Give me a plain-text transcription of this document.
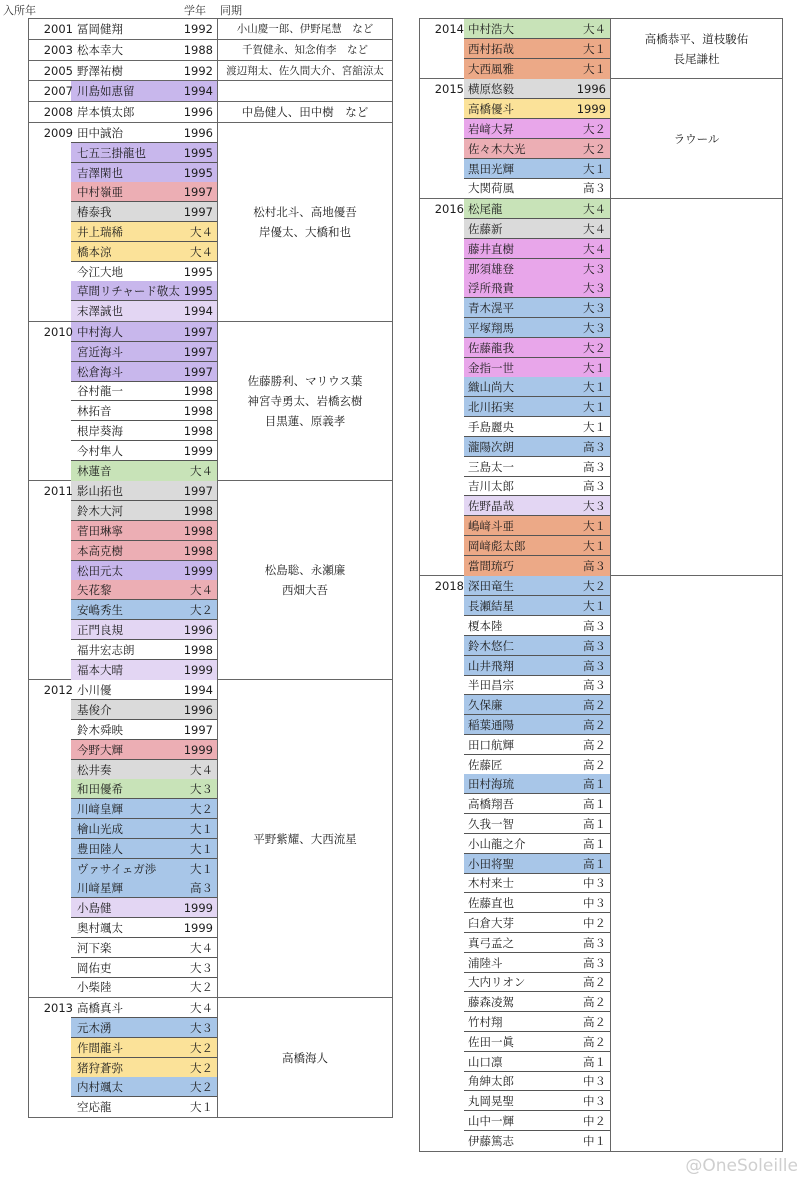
入所年	学年 同期
2001 冨岡健翔	1992 小山慶一郎、伊野尾慧　など
2003 松本幸大	1988	千賀健永、知念侑李　など
2005 野澤祐樹	1992 渡辺翔太、佐久間大介、宮舘涼太
2007 川島如恵留	1994
2008 岸本慎太郎	1996	中島健人、田中樹　など
2009 田中誠治	1996
七五三掛龍也	1995
吉澤閑也	1995
中村嶺亜	1997
椿泰我	1997
井上瑞稀	大４
橋本涼	大４
今江大地	1995
草間リチャード敬太 1995
末澤誠也	1994
松村北斗、高地優吾
岸優太、大橋和也
2010 中村海人	1997
宮近海斗	1997
松倉海斗	1997
谷村龍一	1998
林拓音	1998
根岸葵海	1998
今村隼人	1999
林蓮音	大４
佐藤勝利、マリウス葉
神宮寺勇太、岩橋玄樹
目黒蓮、原義孝
2011 影山拓也	1997
鈴木大河	1998
菅田琳寧	1998
本高克樹	1998
松田元太	1999
矢花黎	大４
安嶋秀生	大２
正門良規	1996
福井宏志朗	1998
福本大晴	1999
松島聡、永瀬廉
西畑大吾
2012 小川優	1994
基俊介	1996
鈴木舜映	1997
今野大輝	1999
松井奏	大４
和田優希	大３
川﨑皇輝	大２
檜山光成	大１
豊田陸人	大１
ヴァサイェガ渉	大１
川﨑星輝	高３
小島健	1999
奥村颯太	1999
河下楽	大４
岡佑吏	大３
小柴陸	大２
平野紫耀、大西流星
2013 高橋真斗	大４
元木湧	大３
作間龍斗	大２
猪狩蒼弥	大２
内村颯太	大２
空応龍	大１
高橋海人
2014 中村浩大	大４
西村拓哉	大１
大西風雅	大１
高橋恭平、道枝駿佑
長尾謙杜
2015 横原悠毅	1996
高橋優斗	1999
岩﨑大昇	大２
佐々木大光	大２
黒田光輝	大１
大関荷風	高３
ラウール
2016 松尾龍	大４
佐藤新	大４
藤井直樹	大４
那須雄登	大３
浮所飛貴	大３
青木滉平	大３
平塚翔馬	大３
佐藤龍我	大２
金指一世	大１
織山尚大	大１
北川拓実	大１
手島麗央	大１
瀧陽次朗	高３
三島太一	高３
吉川太郎	高３
佐野晶哉	大３
嶋﨑斗亜	大１
岡﨑彪太郎	大１
當間琉巧	高３
2018 深田竜生	大２
長瀬結星	大１
榎本陸	高３
鈴木悠仁	高３
山井飛翔	高３
半田昌宗	高３
久保廉	高２
稲葉通陽	高２
田口航輝	高２
佐藤匠	高２
田村海琉	高１
高橋翔吾	高１
久我一智	高１
小山龍之介	高１
小田将聖	高１
木村来士	中３
佐藤直也	中３
臼倉大芽	中２
真弓孟之	高３
浦陸斗	高３
大内リオン	高２
藤森凌駕	高２
竹村翔	高２
佐田一眞	高２
山口凛	高１
角紳太郎	中３
丸岡晃聖	中３
山中一輝	中２
伊藤篤志	中１
@OneSoleille
